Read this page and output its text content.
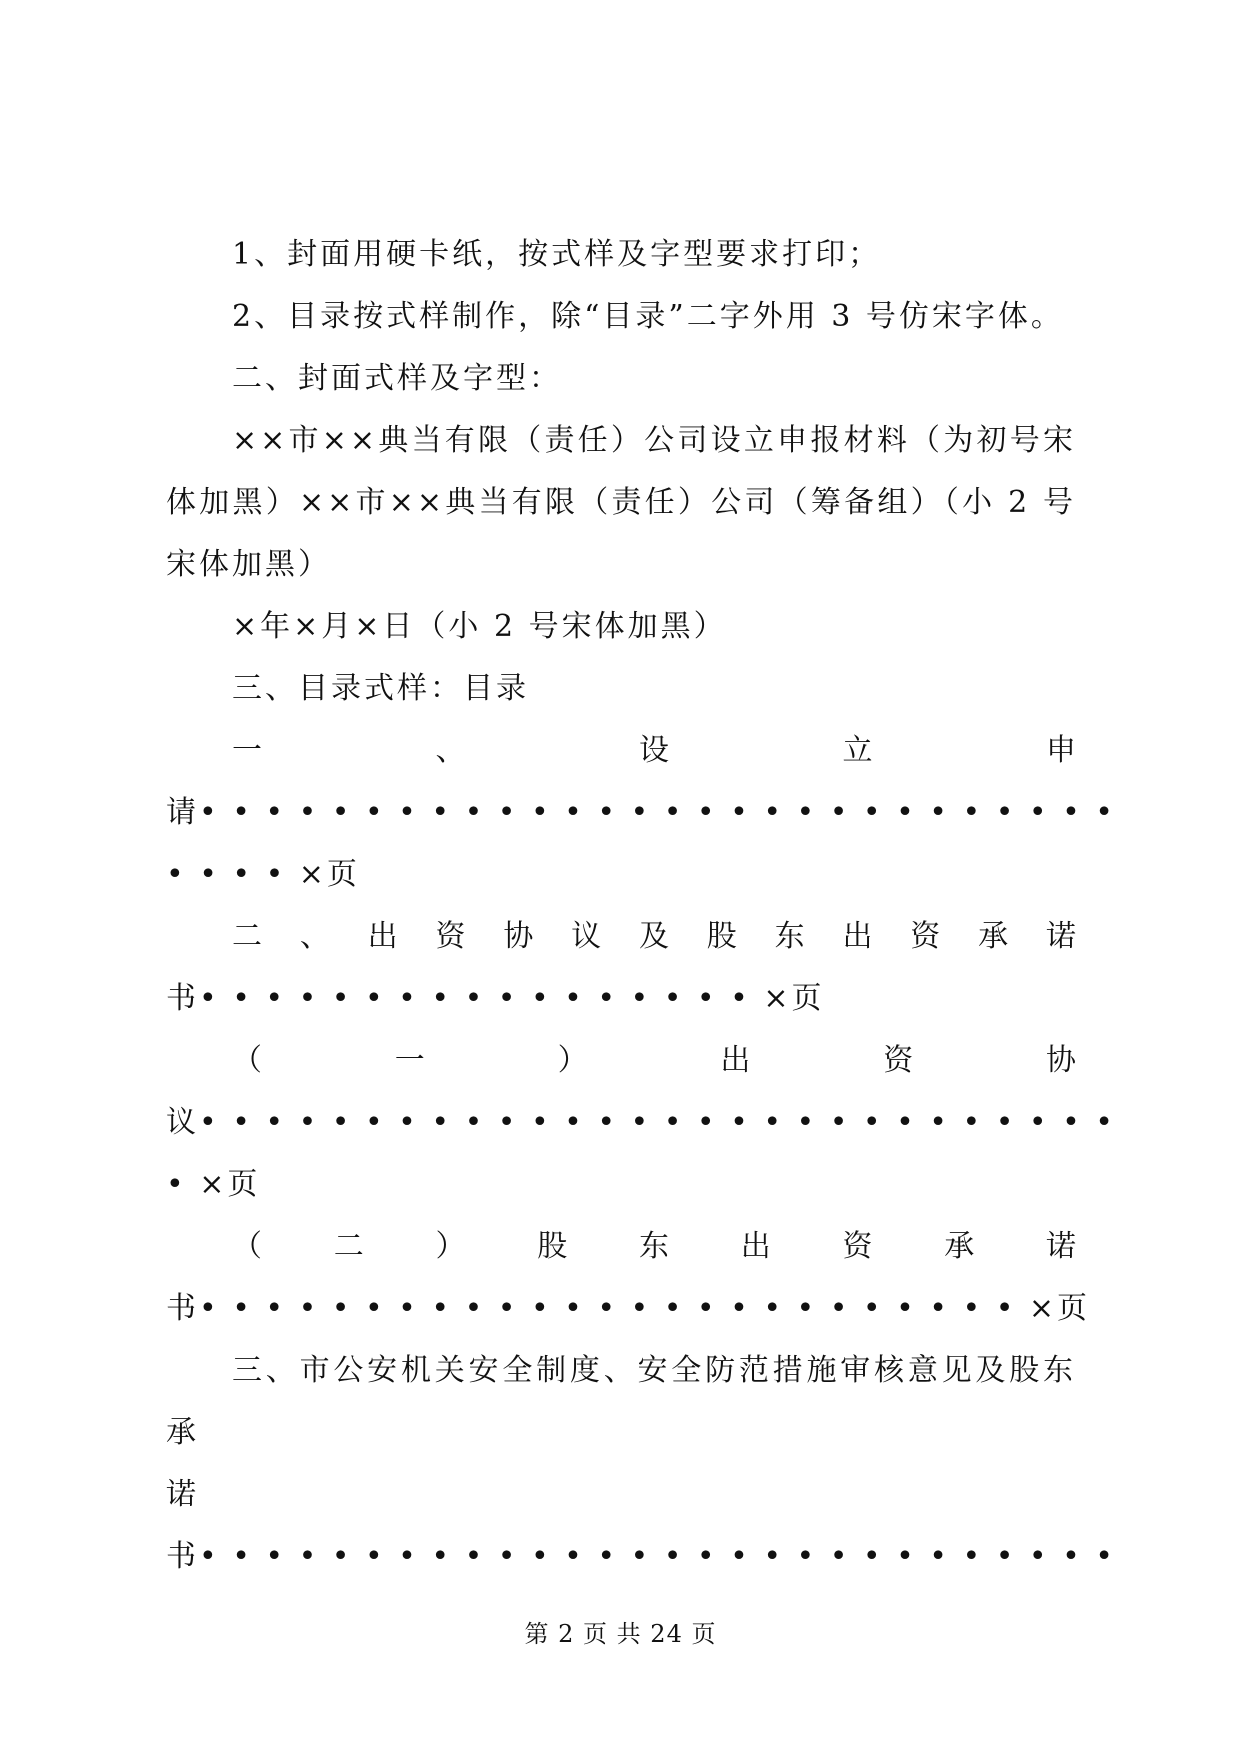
1、封面用硬卡纸，按式样及字型要求打印；

2、目录按式样制作，除“目录”二字外用 3 号仿宋字体。

二、封面式样及字型：

××市××典当有限（责任）公司设立申报材料（为初号宋体加黑）××市××典当有限（责任）公司（筹备组）（小 2 号宋体加黑）

×年×月×日（小 2 号宋体加黑）

三、目录式样：目录

一	、	设	立	申

请••••••••••••••••••••••••••••

••••×页

二 、 出 资 协 议 及 股 东 出 资 承 诺

书•••••••••••••••••×页

（	一	）	出	资	协

议••••••••••••••••••••••••••••

•×页

（ 二 ） 股 东 出 资 承 诺

书•••••••••••••••••••••••••×页

三、市公安机关安全制度、安全防范措施审核意见及股东承

诺

书••••••••••••••••••••••••••••

第 2 页 共 24 页
